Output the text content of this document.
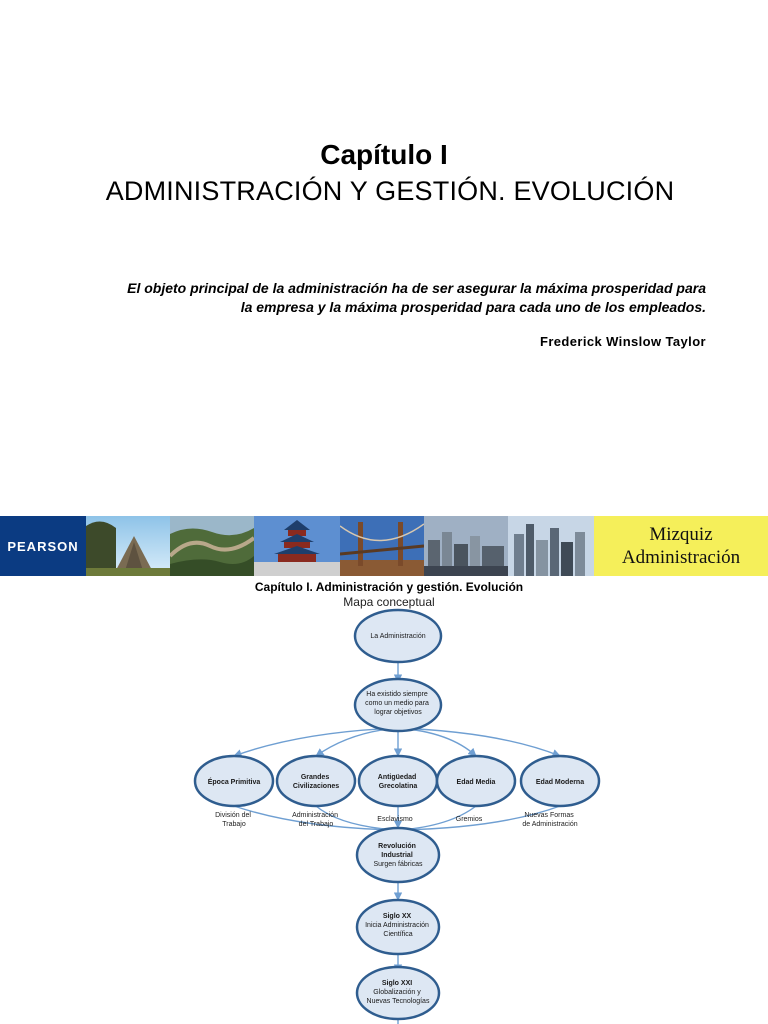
Capítulo I
ADMINISTRACIÓN Y GESTIÓN. EVOLUCIÓN
El objeto principal de la administración ha de ser asegurar la máxima prosperidad para
la empresa y la máxima prosperidad para cada uno de los empleados.
Frederick Winslow Taylor
PEARSON
Mizquiz
Administración
Capítulo I. Administración y gestión. Evolución
Mapa conceptual
La Administración
Ha existido siempre como un medio para lograr objetivos
Época Primitiva
Grandes Civilizaciones
Antigüedad Grecolatina
Edad Media	Edad Moderna
Revolución Industrial Surgen fábricas
Siglo XX Inicia Administración Científica
Siglo XXI Globalización y Nuevas Tecnologías
División del Trabajo
Administración del Trabajo
Esclavismo	Gremios
Nuevas Formas de Administración
